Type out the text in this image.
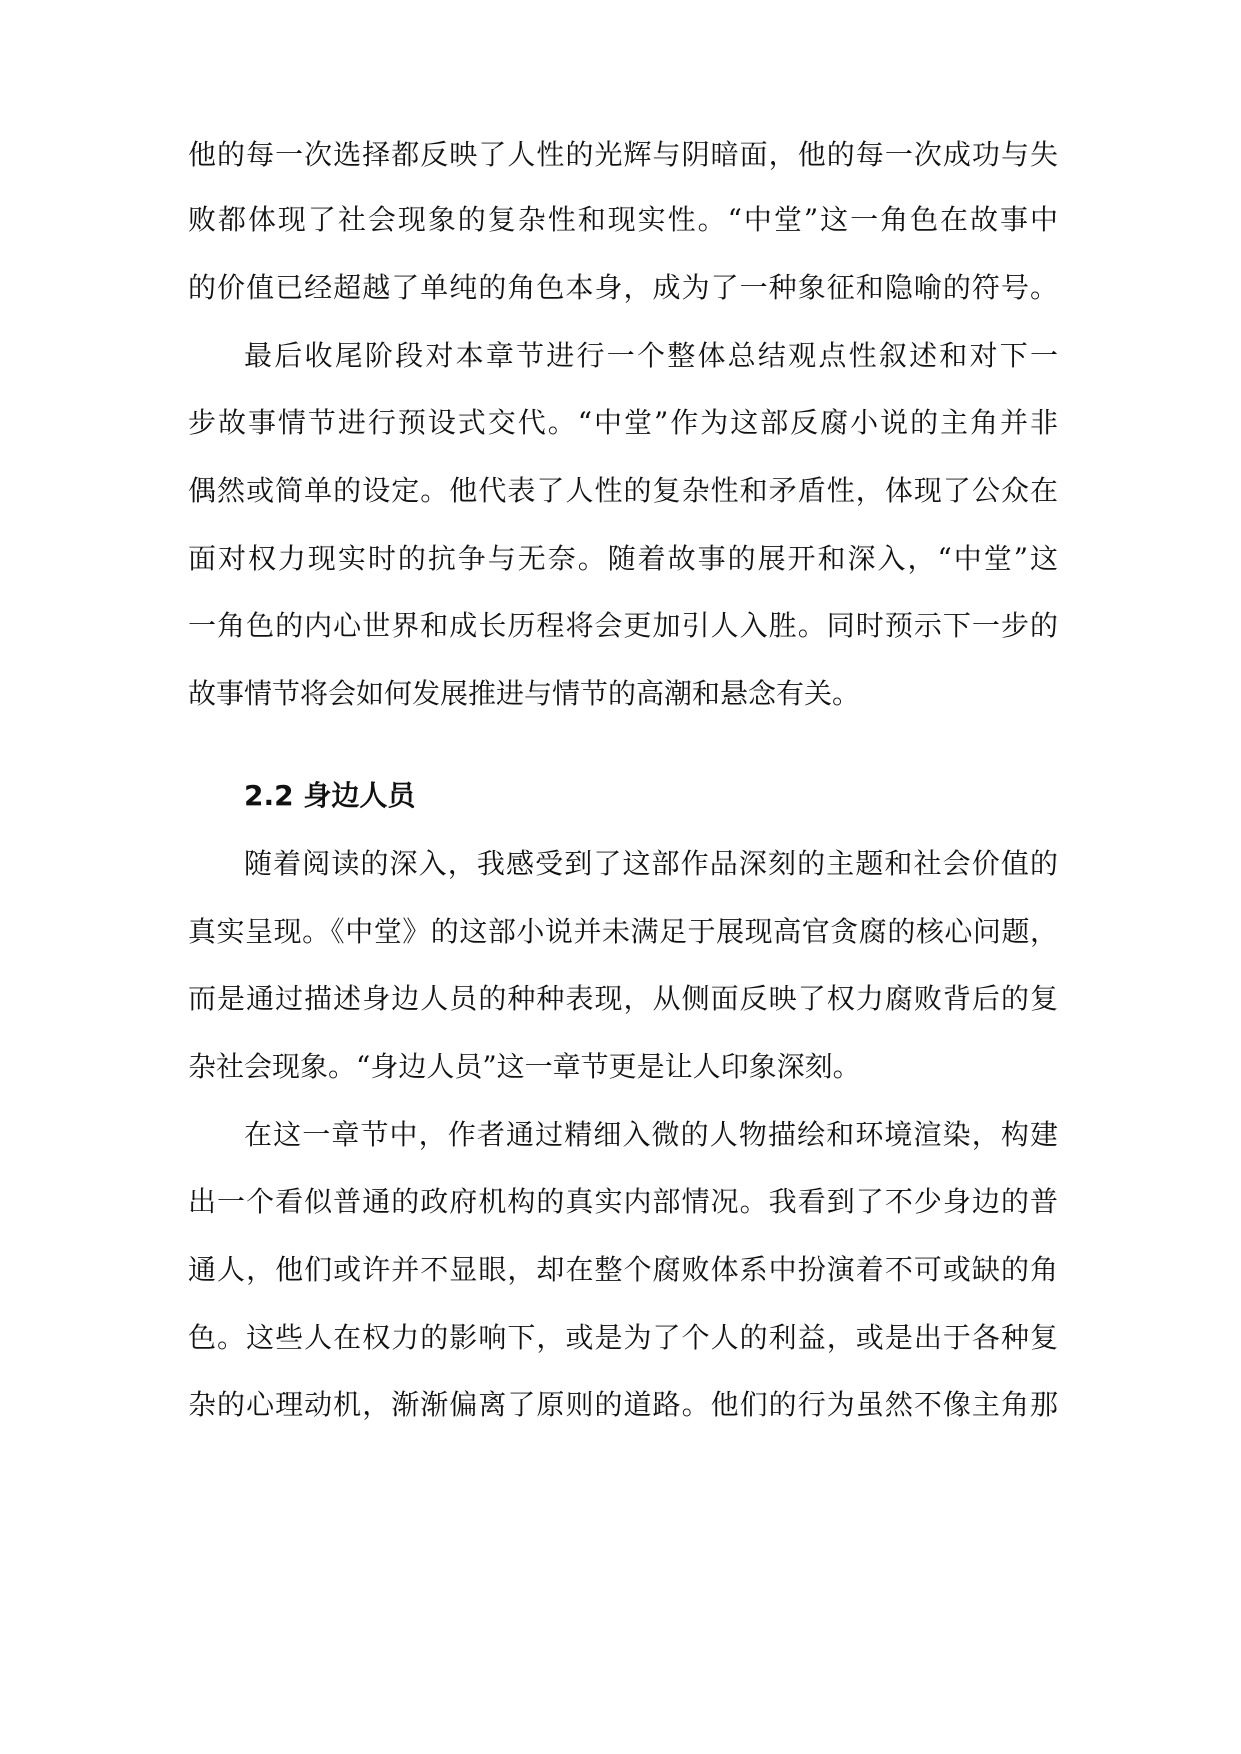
他的每一次选择都反映了人性的光辉与阴暗面，他的每一次成功与失
败都体现了社会现象的复杂性和现实性。“中堂”这一角色在故事中
的价值已经超越了单纯的角色本身，成为了一种象征和隐喻的符号。
最后收尾阶段对本章节进行一个整体总结观点性叙述和对下一
步故事情节进行预设式交代。“中堂”作为这部反腐小说的主角并非
偶然或简单的设定。他代表了人性的复杂性和矛盾性，体现了公众在
面对权力现实时的抗争与无奈。随着故事的展开和深入，“中堂”这
一角色的内心世界和成长历程将会更加引人入胜。同时预示下一步的
故事情节将会如何发展推进与情节的高潮和悬念有关。
2.2 身边人员
随着阅读的深入，我感受到了这部作品深刻的主题和社会价值的
真实呈现。《中堂》的这部小说并未满足于展现高官贪腐的核心问题，
而是通过描述身边人员的种种表现，从侧面反映了权力腐败背后的复
杂社会现象。“身边人员”这一章节更是让人印象深刻。
在这一章节中，作者通过精细入微的人物描绘和环境渲染，构建
出一个看似普通的政府机构的真实内部情况。我看到了不少身边的普
通人，他们或许并不显眼，却在整个腐败体系中扮演着不可或缺的角
色。这些人在权力的影响下，或是为了个人的利益，或是出于各种复
杂的心理动机，渐渐偏离了原则的道路。他们的行为虽然不像主角那
